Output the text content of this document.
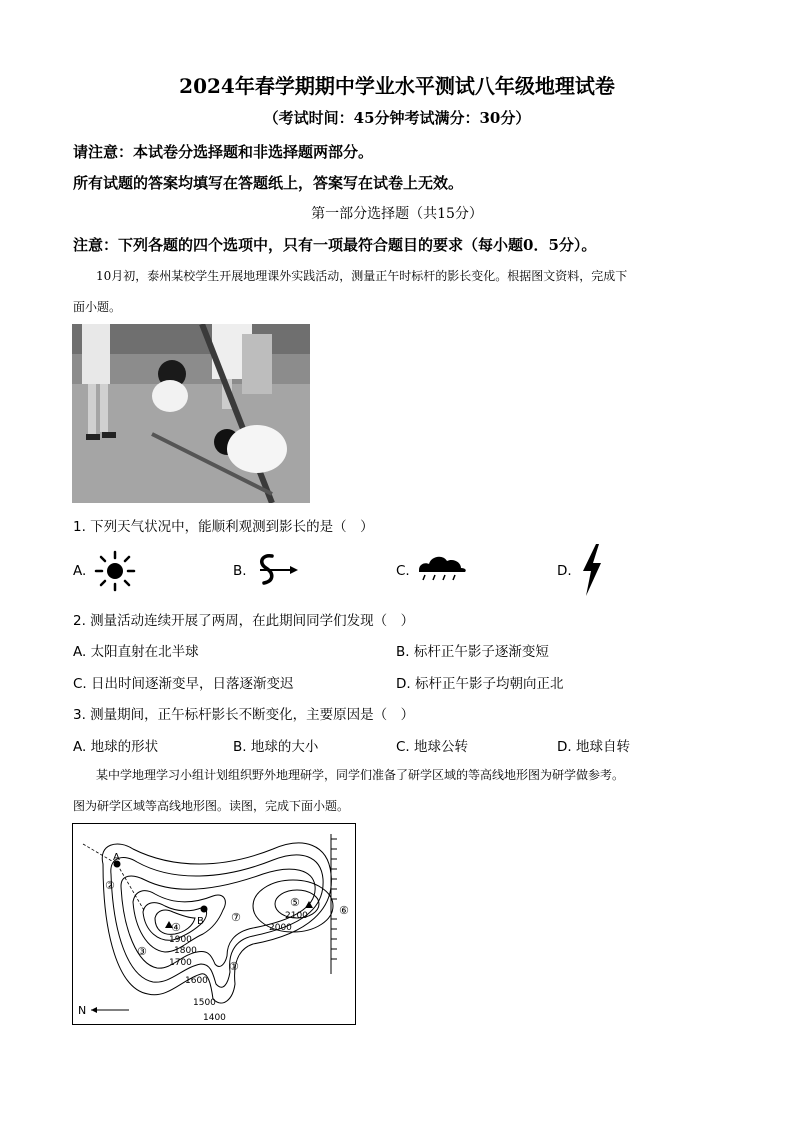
2024年春学期期中学业水平测试八年级地理试卷
（考试时间：45分钟考试满分：30分）
请注意：本试卷分选择题和非选择题两部分。
所有试题的答案均填写在答题纸上，答案写在试卷上无效。
第一部分选择题（共15分）
注意：下列各题的四个选项中，只有一项最符合题目的要求（每小题0．5分）。
10月初，泰州某校学生开展地理课外实践活动，测量正午时标杆的影长变化。根据图文资料，完成下
面小题。
1. 下列天气状况中，能顺利观测到影长的是（　）
A.	B.	C.	D.
2. 测量活动连续开展了两周，在此期间同学们发现（　）
A. 太阳直射在北半球	B. 标杆正午影子逐渐变短
C. 日出时间逐渐变早，日落逐渐变迟	D. 标杆正午影子均朝向正北
3. 测量期间，正午标杆影长不断变化，主要原因是（　）
A. 地球的形状	B. 地球的大小	C. 地球公转	D. 地球自转
某中学地理学习小组计划组织野外地理研学，同学们准备了研学区域的等高线地形图为研学做参考。
图为研学区域等高线地形图。读图，完成下面小题。
A
B ⑦
①
②
③
④
⑤
⑥
1400
1500
1600
1700
1800
1900
2000
2100
N
